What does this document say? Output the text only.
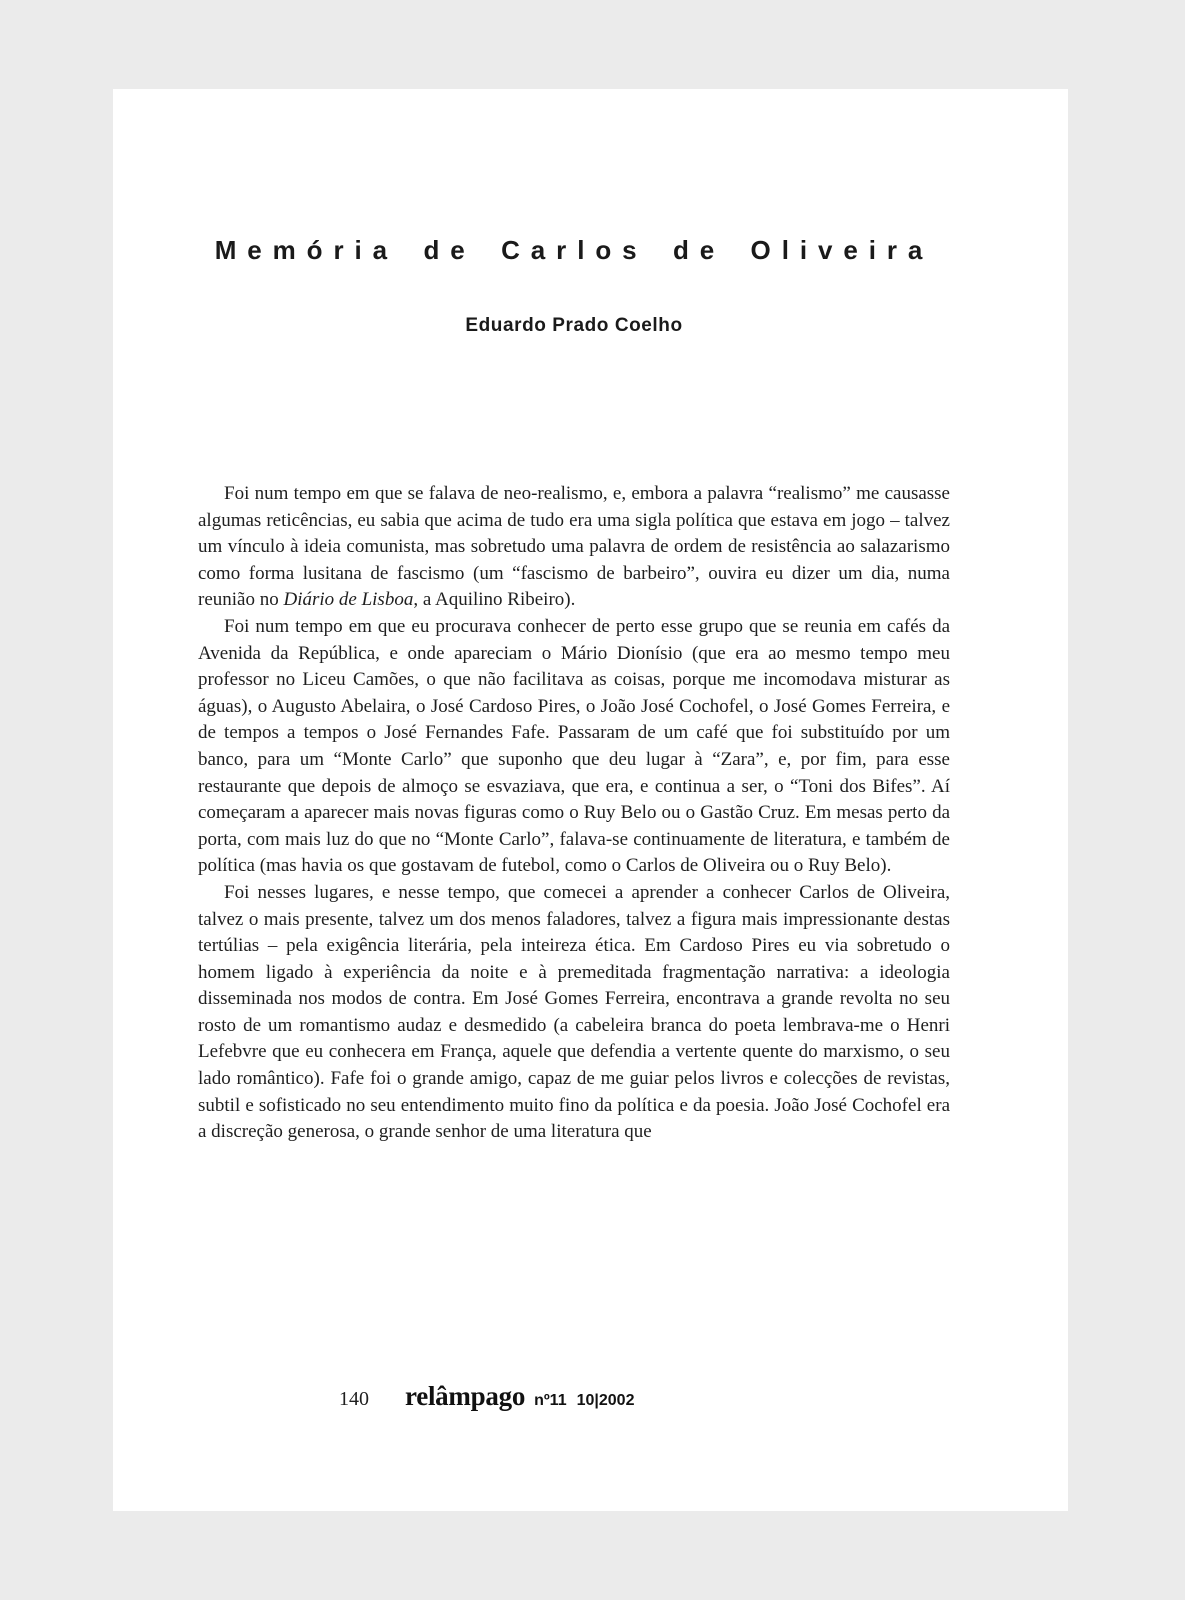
Memória de Carlos de Oliveira
Eduardo Prado Coelho

Foi num tempo em que se falava de neo-realismo, e, embora a palavra “realismo” me causasse algumas reticências, eu sabia que acima de tudo era uma sigla política que estava em jogo – talvez um vínculo à ideia comunista, mas sobretudo uma palavra de ordem de resistência ao salazarismo como forma lusitana de fascismo (um “fascismo de barbeiro”, ouvira eu dizer um dia, numa reunião no Diário de Lisboa, a Aquilino Ribeiro).

Foi num tempo em que eu procurava conhecer de perto esse grupo que se reunia em cafés da Avenida da República, e onde apareciam o Mário Dionísio (que era ao mesmo tempo meu professor no Liceu Camões, o que não facilitava as coisas, porque me incomodava misturar as águas), o Augusto Abelaira, o José Cardoso Pires, o João José Cochofel, o José Gomes Ferreira, e de tempos a tempos o José Fernandes Fafe. Passaram de um café que foi substituído por um banco, para um “Monte Carlo” que suponho que deu lugar à “Zara”, e, por fim, para esse restaurante que depois de almoço se esvaziava, que era, e continua a ser, o “Toni dos Bifes”. Aí começaram a aparecer mais novas figuras como o Ruy Belo ou o Gastão Cruz. Em mesas perto da porta, com mais luz do que no “Monte Carlo”, falava-se continuamente de literatura, e também de política (mas havia os que gostavam de futebol, como o Carlos de Oliveira ou o Ruy Belo).

Foi nesses lugares, e nesse tempo, que comecei a aprender a conhecer Carlos de Oliveira, talvez o mais presente, talvez um dos menos faladores, talvez a figura mais impressionante destas tertúlias – pela exigência literária, pela inteireza ética. Em Cardoso Pires eu via sobretudo o homem ligado à experiência da noite e à premeditada fragmentação narrativa: a ideologia disseminada nos modos de contra. Em José Gomes Ferreira, encontrava a grande revolta no seu rosto de um romantismo audaz e desmedido (a cabeleira branca do poeta lembrava-me o Henri Lefebvre que eu conhecera em França, aquele que defendia a vertente quente do marxismo, o seu lado romântico). Fafe foi o grande amigo, capaz de me guiar pelos livros e colecções de revistas, subtil e sofisticado no seu entendimento muito fino da política e da poesia. João José Cochofel era a discreção generosa, o grande senhor de uma literatura que

140 relâmpago nº11 10|2002
